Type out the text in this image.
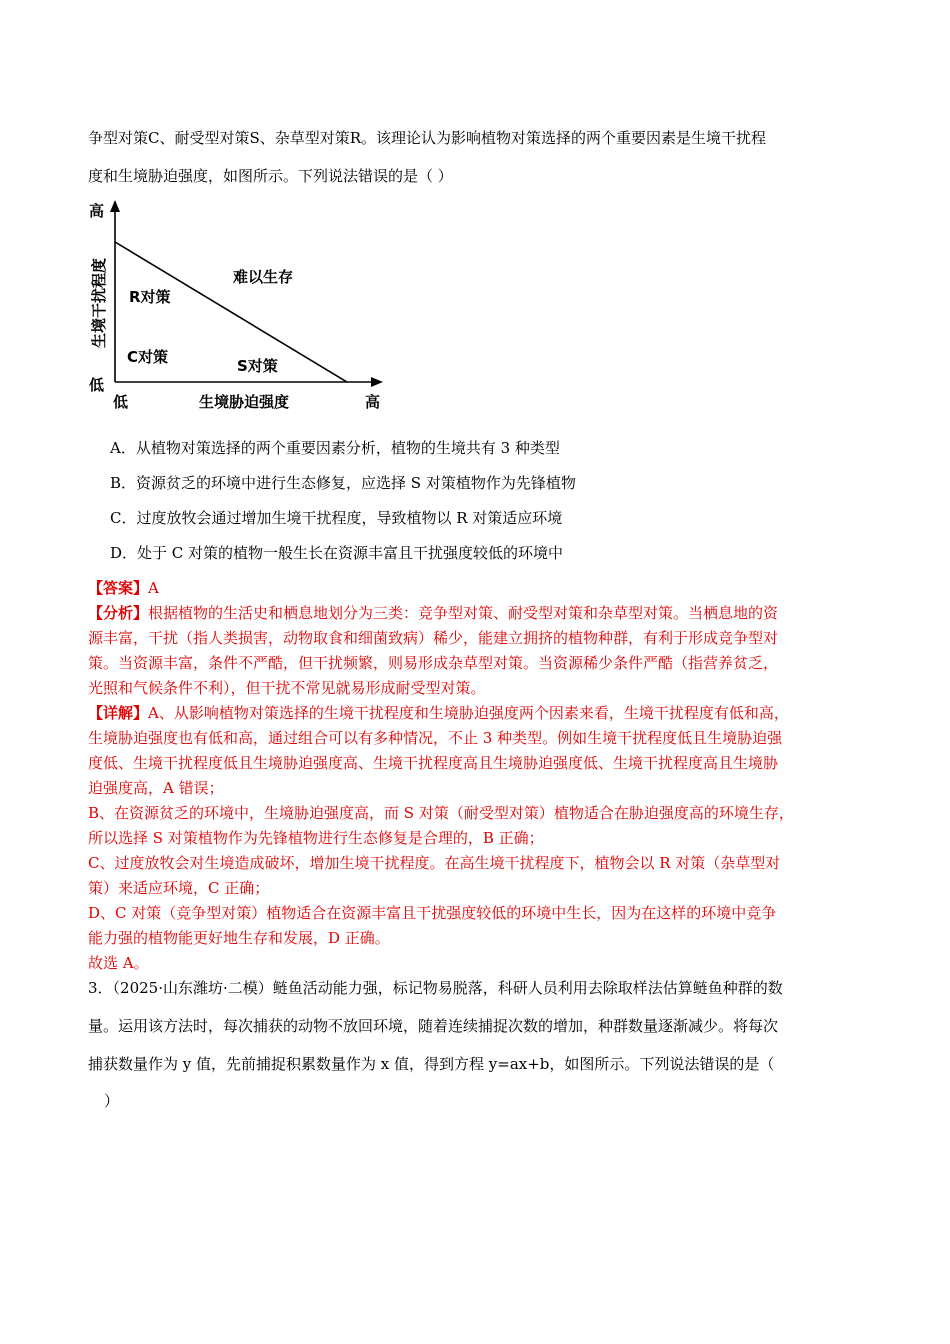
争型对策C、耐受型对策S、杂草型对策R。该理论认为影响植物对策选择的两个重要因素是生境干扰程
度和生境胁迫强度，如图所示。下列说法错误的是（ ）
高
低
生境干扰程度
低	生境胁迫强度	高
难以生存
R对策
C对策	S对策
A．从植物对策选择的两个重要因素分析，植物的生境共有 3 种类型
B．资源贫乏的环境中进行生态修复，应选择 S 对策植物作为先锋植物
C．过度放牧会通过增加生境干扰程度，导致植物以 R 对策适应环境
D．处于 C 对策的植物一般生长在资源丰富且干扰强度较低的环境中
【答案】A
【分析】根据植物的生活史和栖息地划分为三类：竞争型对策、耐受型对策和杂草型对策。当栖息地的资
源丰富，干扰（指人类损害，动物取食和细菌致病）稀少，能建立拥挤的植物种群，有利于形成竞争型对
策。当资源丰富，条件不严酷，但干扰频繁，则易形成杂草型对策。当资源稀少条件严酷（指营养贫乏，
光照和气候条件不利），但干扰不常见就易形成耐受型对策。
【详解】A、从影响植物对策选择的生境干扰程度和生境胁迫强度两个因素来看，生境干扰程度有低和高，
生境胁迫强度也有低和高，通过组合可以有多种情况，不止 3 种类型。例如生境干扰程度低且生境胁迫强
度低、生境干扰程度低且生境胁迫强度高、生境干扰程度高且生境胁迫强度低、生境干扰程度高且生境胁
迫强度高，A 错误；
B、在资源贫乏的环境中，生境胁迫强度高，而 S 对策（耐受型对策）植物适合在胁迫强度高的环境生存，
所以选择 S 对策植物作为先锋植物进行生态修复是合理的，B 正确；
C、过度放牧会对生境造成破坏，增加生境干扰程度。在高生境干扰程度下，植物会以 R 对策（杂草型对
策）来适应环境，C 正确；
D、C 对策（竞争型对策）植物适合在资源丰富且干扰强度较低的环境中生长，因为在这样的环境中竞争
能力强的植物能更好地生存和发展，D 正确。
故选 A。
3．（2025·山东潍坊·二模）鲢鱼活动能力强，标记物易脱落，科研人员利用去除取样法估算鲢鱼种群的数
量。运用该方法时，每次捕获的动物不放回环境，随着连续捕捉次数的增加，种群数量逐渐减少。将每次
捕获数量作为 y 值，先前捕捉积累数量作为 x 值，得到方程 y=ax+b，如图所示。下列说法错误的是（
）
